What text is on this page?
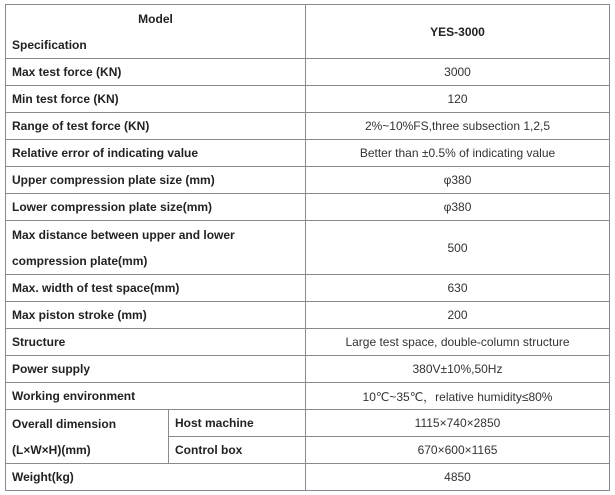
Model
Specification		YES-3000
Max test force (KN)		3000
Min test force (KN)		120
Range of test force (KN)		2%~10%FS,three subsection 1,2,5
Relative error of indicating value		Better than ±0.5% of indicating value
Upper compression plate size (mm)		φ380
Lower compression plate size(mm)		φ380

Max distance between upper and lower
compression plate(mm)		500
Max. width of test space(mm)		630
Max piston stroke (mm)		200
Structure		Large test space, double-column structure
Power supply		380V±10%,50Hz
Working environment		10℃~35℃，relative humidity≤80%

Overall dimension
(L×W×H)(mm)	Host machine	1115×740×2850
	Control box	670×600×1165
Weight(kg)		4850
